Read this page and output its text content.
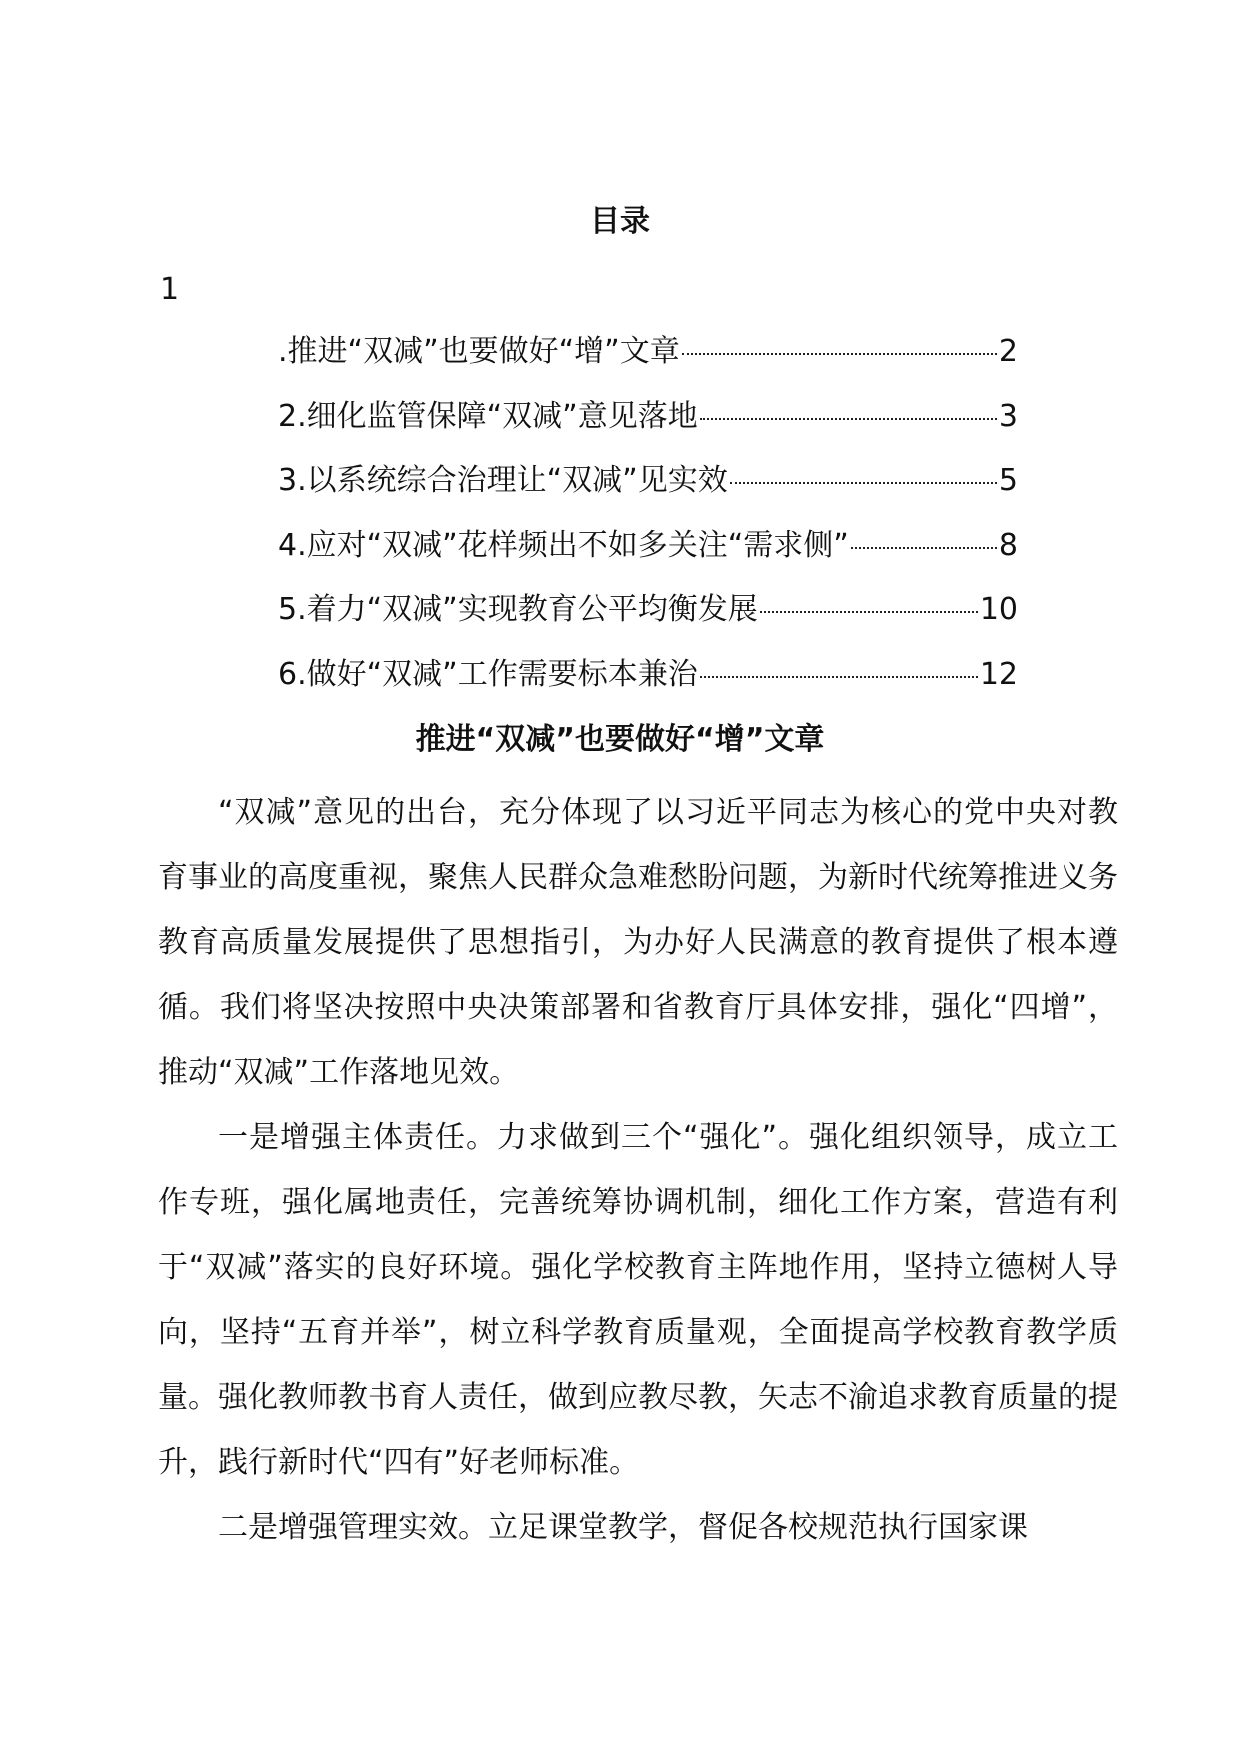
目录
1
.推进“双减”也要做好“增”文章	2
2.细化监管保障“双减”意见落地	3
3.以系统综合治理让“双减”见实效	5
4.应对“双减”花样频出不如多关注“需求侧”	8
5.着力“双减”实现教育公平均衡发展	10
6.做好“双减”工作需要标本兼治	12
推进“双减”也要做好“增”文章

“双减”意见的出台，充分体现了以习近平同志为核心的党中央对教育事业的高度重视，聚焦人民群众急难愁盼问题，为新时代统筹推进义务教育高质量发展提供了思想指引，为办好人民满意的教育提供了根本遵循。我们将坚决按照中央决策部署和省教育厅具体安排，强化“四增”，推动“双减”工作落地见效。

一是增强主体责任。力求做到三个“强化”。强化组织领导，成立工作专班，强化属地责任，完善统筹协调机制，细化工作方案，营造有利于“双减”落实的良好环境。强化学校教育主阵地作用，坚持立德树人导向，坚持“五育并举”，树立科学教育质量观，全面提高学校教育教学质量。强化教师教书育人责任，做到应教尽教，矢志不渝追求教育质量的提升，践行新时代“四有”好老师标准。

二是增强管理实效。立足课堂教学，督促各校规范执行国家课
